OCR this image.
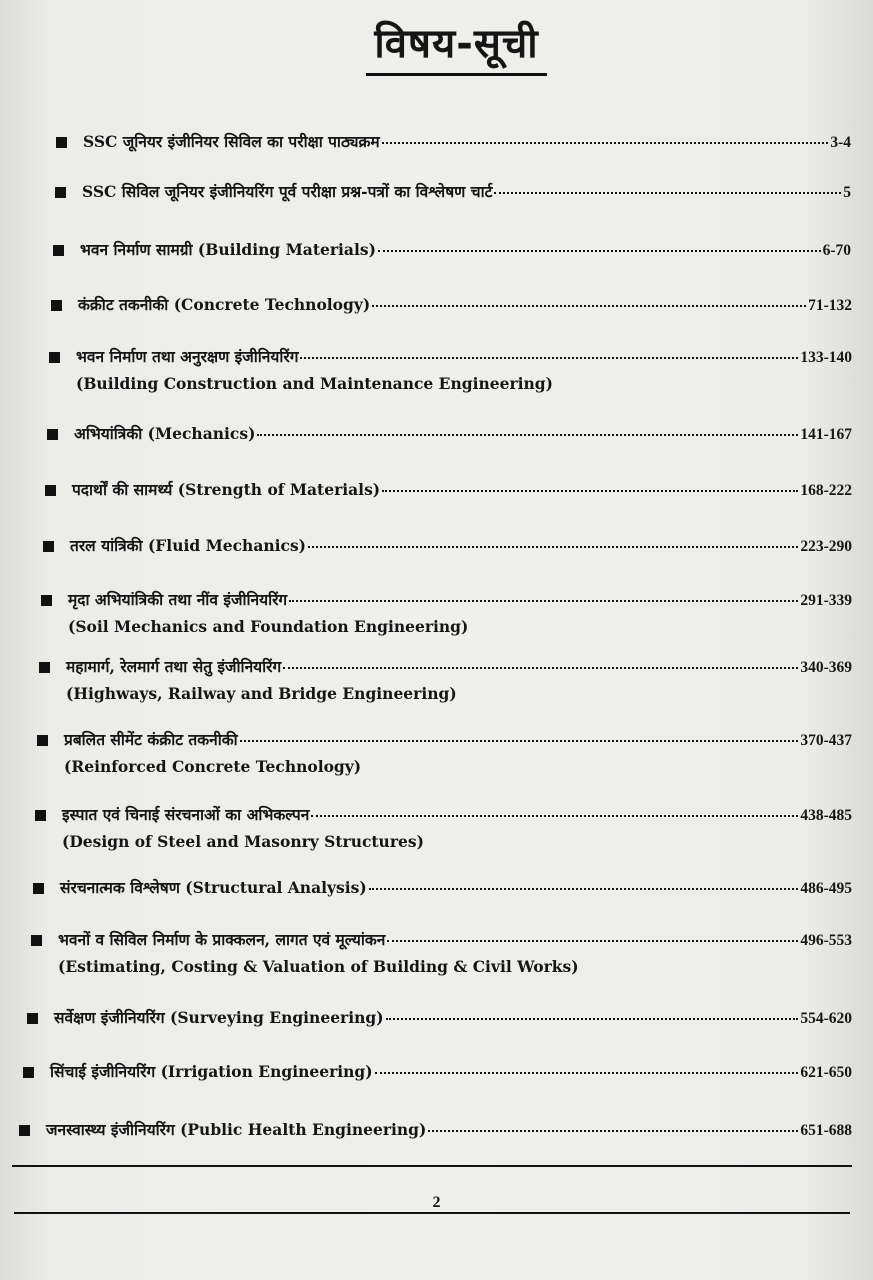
विषय-सूची
SSC जूनियर इंजीनियर सिविल का परीक्षा पाठ्यक्रम	3-4
SSC सिविल जूनियर इंजीनियरिंग पूर्व परीक्षा प्रश्न-पत्रों का विश्लेषण चार्ट	5
भवन निर्माण सामग्री (Building Materials)	6-70
कंक्रीट तकनीकी (Concrete Technology)	71-132
भवन निर्माण तथा अनुरक्षण इंजीनियरिंग	133-140
(Building Construction and Maintenance Engineering)
अभियांत्रिकी (Mechanics)	141-167
पदार्थों की सामर्थ्य (Strength of Materials)	168-222
तरल यांत्रिकी (Fluid Mechanics)	223-290
मृदा अभियांत्रिकी तथा नींव इंजीनियरिंग	291-339
(Soil Mechanics and Foundation Engineering)
महामार्ग, रेलमार्ग तथा सेतु इंजीनियरिंग	340-369
(Highways, Railway and Bridge Engineering)
प्रबलित सीमेंट कंक्रीट तकनीकी	370-437
(Reinforced Concrete Technology)
इस्पात एवं चिनाई संरचनाओं का अभिकल्पन	438-485
(Design of Steel and Masonry Structures)
संरचनात्मक विश्लेषण (Structural Analysis)	486-495
भवनों व सिविल निर्माण के प्राक्कलन, लागत एवं मूल्यांकन	496-553
(Estimating, Costing & Valuation of Building & Civil Works)
सर्वेक्षण इंजीनियरिंग (Surveying Engineering)	554-620
सिंचाई इंजीनियरिंग (Irrigation Engineering)	621-650
जनस्वास्थ्य इंजीनियरिंग (Public Health Engineering)	651-688
2
